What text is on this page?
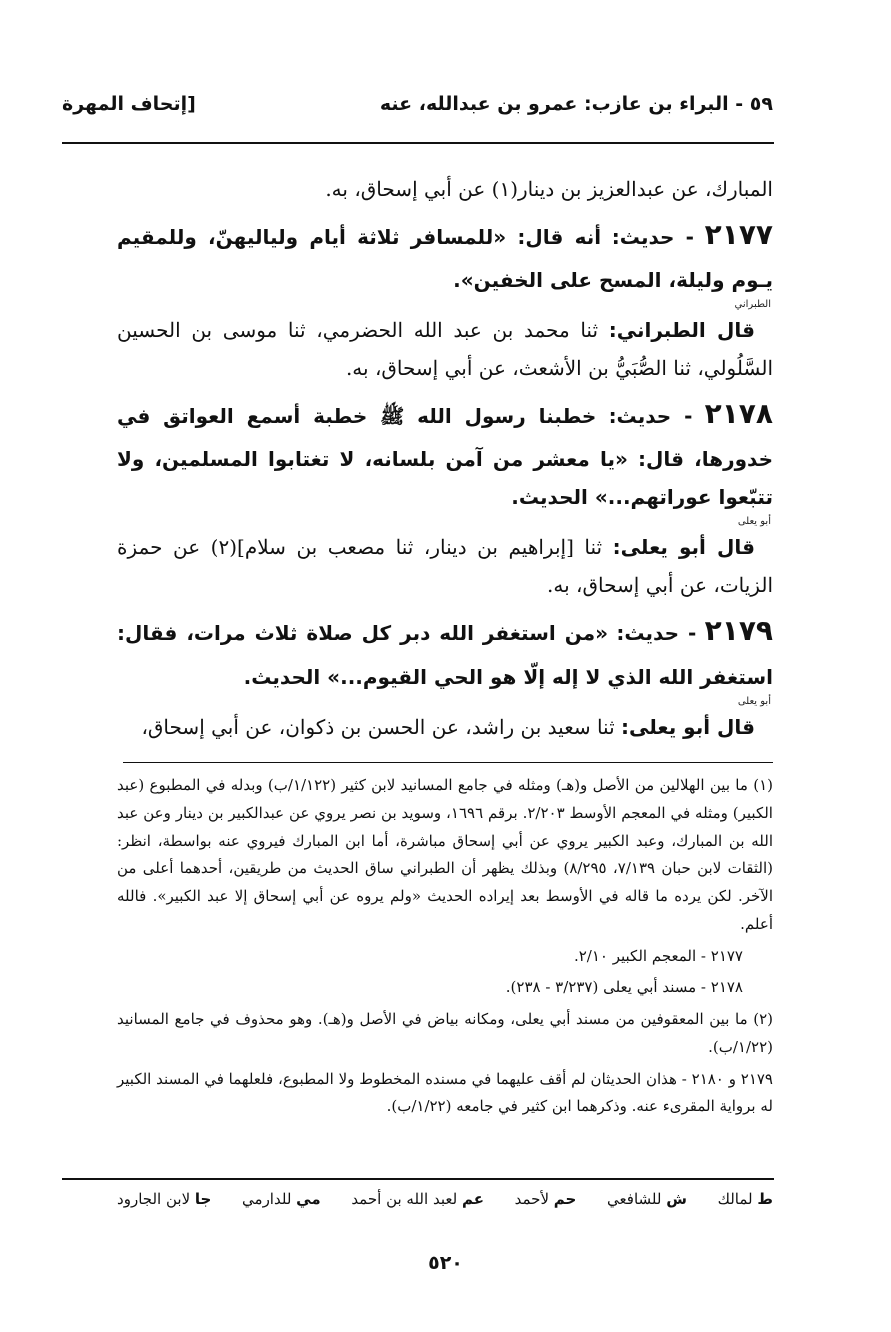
٥٩ - البراء بن عازب: عمرو بن عبدالله، عنه
[إتحاف المهرة

المبارك، عن عبدالعزيز بن دينار(١) عن أبي إسحاق، به.

٢١٧٧ - حديث: أنه قال: «للمسافر ثلاثة أيام ولياليهنّ، وللمقيم يـوم وليلة، المسح على الخفين».
الطبراني

قال الطبراني: ثنا محمد بن عبد الله الحضرمي، ثنا موسى بن الحسين السَّلُولي، ثنا الصُّبَيُّ بن الأشعث، عن أبي إسحاق، به.

٢١٧٨ - حديث: خطبنا رسول الله ﷺ خطبة أسمع العواتق في خدورها، قال: «يا معشر من آمن بلسانه، لا تغتابوا المسلمين، ولا تتبّعوا عوراتهم...» الحديث.
أبو يعلى

قال أبو يعلى: ثنا [إبراهيم بن دينار، ثنا مصعب بن سلام](٢) عن حمزة الزيات، عن أبي إسحاق، به.

٢١٧٩ - حديث: «من استغفر الله دبر كل صلاة ثلاث مرات، فقال: استغفر الله الذي لا إله إلّا هو الحي القيوم...» الحديث.
أبو يعلى

قال أبو يعلى: ثنا سعيد بن راشد، عن الحسن بن ذكوان، عن أبي إسحاق،

(١) ما بين الهلالين من الأصل و(هـ) ومثله في جامع المسانيد لابن كثير (١/١٢٢/ب) وبدله في المطبوع (عبد الكبير) ومثله في المعجم الأوسط ٢/٢٠٣. برقم ١٦٩٦، وسويد بن نصر يروي عن عبدالكبير بن دينار وعن عبد الله بن المبارك، وعبد الكبير يروي عن أبي إسحاق مباشرة، أما ابن المبارك فيروي عنه بواسطة، انظر: (الثقات لابن حبان ٧/١٣٩، ٨/٢٩٥) وبذلك يظهر أن الطبراني ساق الحديث من طريقين، أحدهما أعلى من الآخر. لكن يرده ما قاله في الأوسط بعد إيراده الحديث «ولم يروه عن أبي إسحاق إلا عبد الكبير». فالله أعلم.

٢١٧٧ - المعجم الكبير ٢/١٠.

٢١٧٨ - مسند أبي يعلى (٣/٢٣٧ - ٢٣٨).

(٢) ما بين المعقوفين من مسند أبي يعلى، ومكانه بياض في الأصل و(هـ). وهو محذوف في جامع المسانيد (١/٢٢/ب).

٢١٧٩ و ٢١٨٠ - هذان الحديثان لم أقف عليهما في مسنده المخطوط ولا المطبوع، فلعلهما في المسند الكبير له برواية المقرىء عنه. وذكرهما ابن كثير في جامعه (١/٢٢/ب).

ط لمالك
ش للشافعي
حم لأحمد
عم لعبد الله بن أحمد
مي للدارمي
جا لابن الجارود
٥٢٠
